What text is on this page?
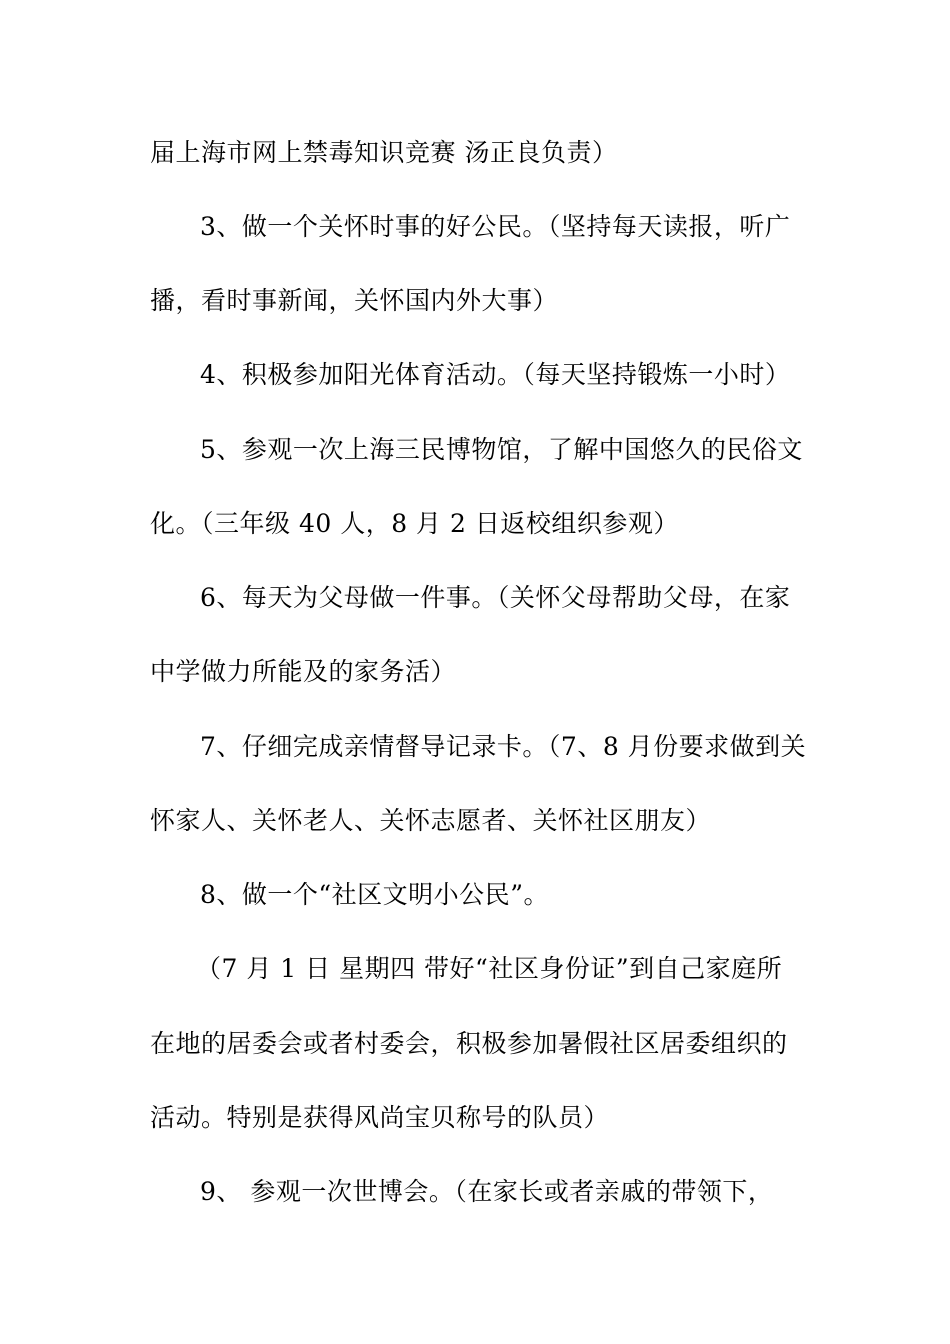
届上海市网上禁毒知识竞赛 汤正良负责）
3、做一个关怀时事的好公民。（坚持每天读报，听广
播，看时事新闻，关怀国内外大事）
4、积极参加阳光体育活动。（每天坚持锻炼一小时）
5、参观一次上海三民博物馆，了解中国悠久的民俗文
化。（三年级 40 人，8 月 2 日返校组织参观）
6、每天为父母做一件事。（关怀父母帮助父母，在家
中学做力所能及的家务活）
7、仔细完成亲情督导记录卡。（7、8 月份要求做到关
怀家人、关怀老人、关怀志愿者、关怀社区朋友）
8、做一个“社区文明小公民”。
（7 月 1 日 星期四 带好“社区身份证”到自己家庭所
在地的居委会或者村委会，积极参加暑假社区居委组织的
活动。特别是获得风尚宝贝称号的队员）
9、 参观一次世博会。（在家长或者亲戚的带领下，
